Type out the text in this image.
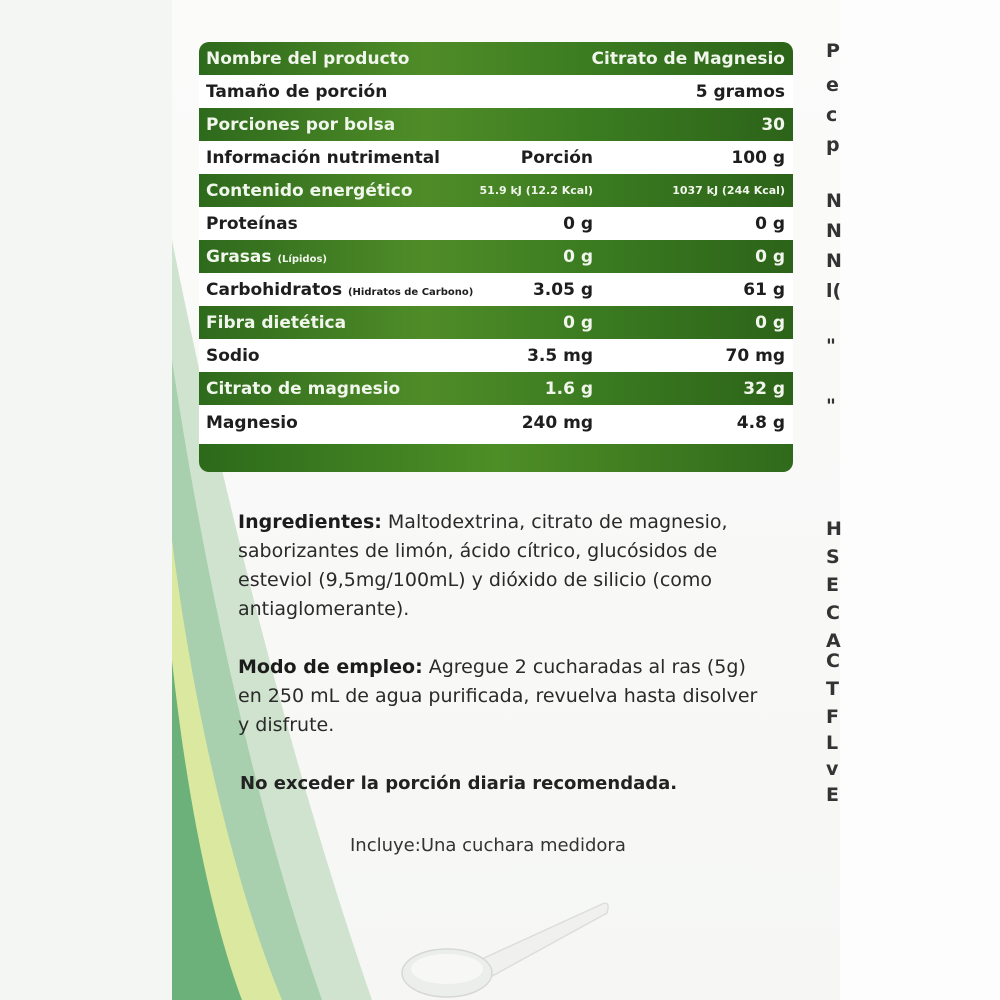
Nombre del producto	Citrato de Magnesio
Tamaño de porción	5 gramos
Porciones por bolsa	30
Información nutrimental	Porción	100 g
Contenido energético	51.9 kJ (12.2 Kcal)	1037 kJ (244 Kcal)
Proteínas	0 g	0 g
Grasas (Lípidos)	0 g	0 g
Carbohidratos (Hidratos de Carbono)	3.05 g	61 g
Fibra dietética	0 g	0 g
Sodio	3.5 mg	70 mg
Citrato de magnesio	1.6 g	32 g
Magnesio	240 mg	4.8 g
Ingredientes: Maltodextrina, citrato de magnesio,
saborizantes de limón, ácido cítrico, glucósidos de
esteviol (9,5mg/100mL) y dióxido de silicio (como
antiaglomerante).
Modo de empleo: Agregue 2 cucharadas al ras (5g)
en 250 mL de agua purificada, revuelva hasta disolver
y disfrute.
No exceder la porción diaria recomendada.
Incluye:Una cuchara medidora
P
e
c
p
N
N
N
l(
"
"
H
S
E
C
A
C
T
F
L
v
E
